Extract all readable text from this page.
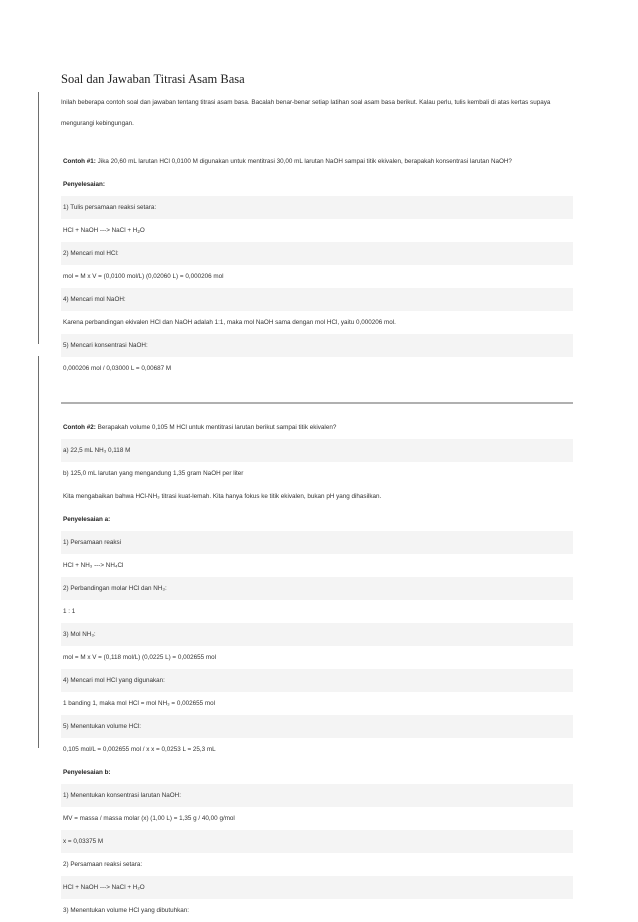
Soal dan Jawaban Titrasi Asam Basa

Inilah beberapa contoh soal dan jawaban tentang titrasi asam basa. Bacalah benar-benar setiap latihan soal asam basa berikut. Kalau perlu, tulis kembali di atas kertas supaya mengurangi kebingungan.

Contoh #1: Jika 20,60 mL larutan HCl 0,0100 M digunakan untuk mentitrasi 30,00 mL larutan NaOH sampai titik ekivalen, berapakah konsentrasi larutan NaOH?
Penyelesaian:
1) Tulis persamaan reaksi setara:
HCl + NaOH ---> NaCl + $H_2O$
2) Mencari mol HCl:
mol = M x V = (0,0100 mol/L) (0,02060 L) = 0,000206 mol
4) Mencari mol NaOH:
Karena perbandingan ekivalen HCl dan NaOH adalah 1:1, maka mol NaOH sama dengan mol HCl, yaitu 0,000206 mol.
5) Mencari konsentrasi NaOH:
0,000206 mol / 0,03000 L = 0,00687 M
Contoh #2: Berapakah volume 0,105 M HCl untuk mentitrasi larutan berikut sampai titik ekivalen?
a) 22,5 mL NH₃ 0,118 M
b) 125,0 mL larutan yang mengandung 1,35 gram NaOH per liter
Kita mengabaikan bahwa HCl-NH₃ titrasi kuat-lemah. Kita hanya fokus ke titik ekivalen, bukan pH yang dihasilkan.
Penyelesaian a:
1) Persamaan reaksi
HCl + NH₃ ---> NH₄Cl
2) Perbandingan molar HCl dan NH₃:
1 : 1
3) Mol NH₃:
mol = M x V = (0,118 mol/L) (0,0225 L) = 0,002655 mol
4) Mencari mol HCl yang digunakan:
1 banding 1, maka mol HCl = mol NH₃ = 0,002655 mol
5) Menentukan volume HCl:
0,105 mol/L = 0,002655 mol / x x = 0,0253 L = 25,3 mL
Penyelesaian b:
1) Menentukan konsentrasi larutan NaOH:
MV = massa / massa molar (x) (1,00 L) = 1,35 g / 40,00 g/mol
x = 0,03375 M
2) Persamaan reaksi setara:
HCl + NaOH ---> NaCl + H₂O
3) Menentukan volume HCl yang dibutuhkan:
